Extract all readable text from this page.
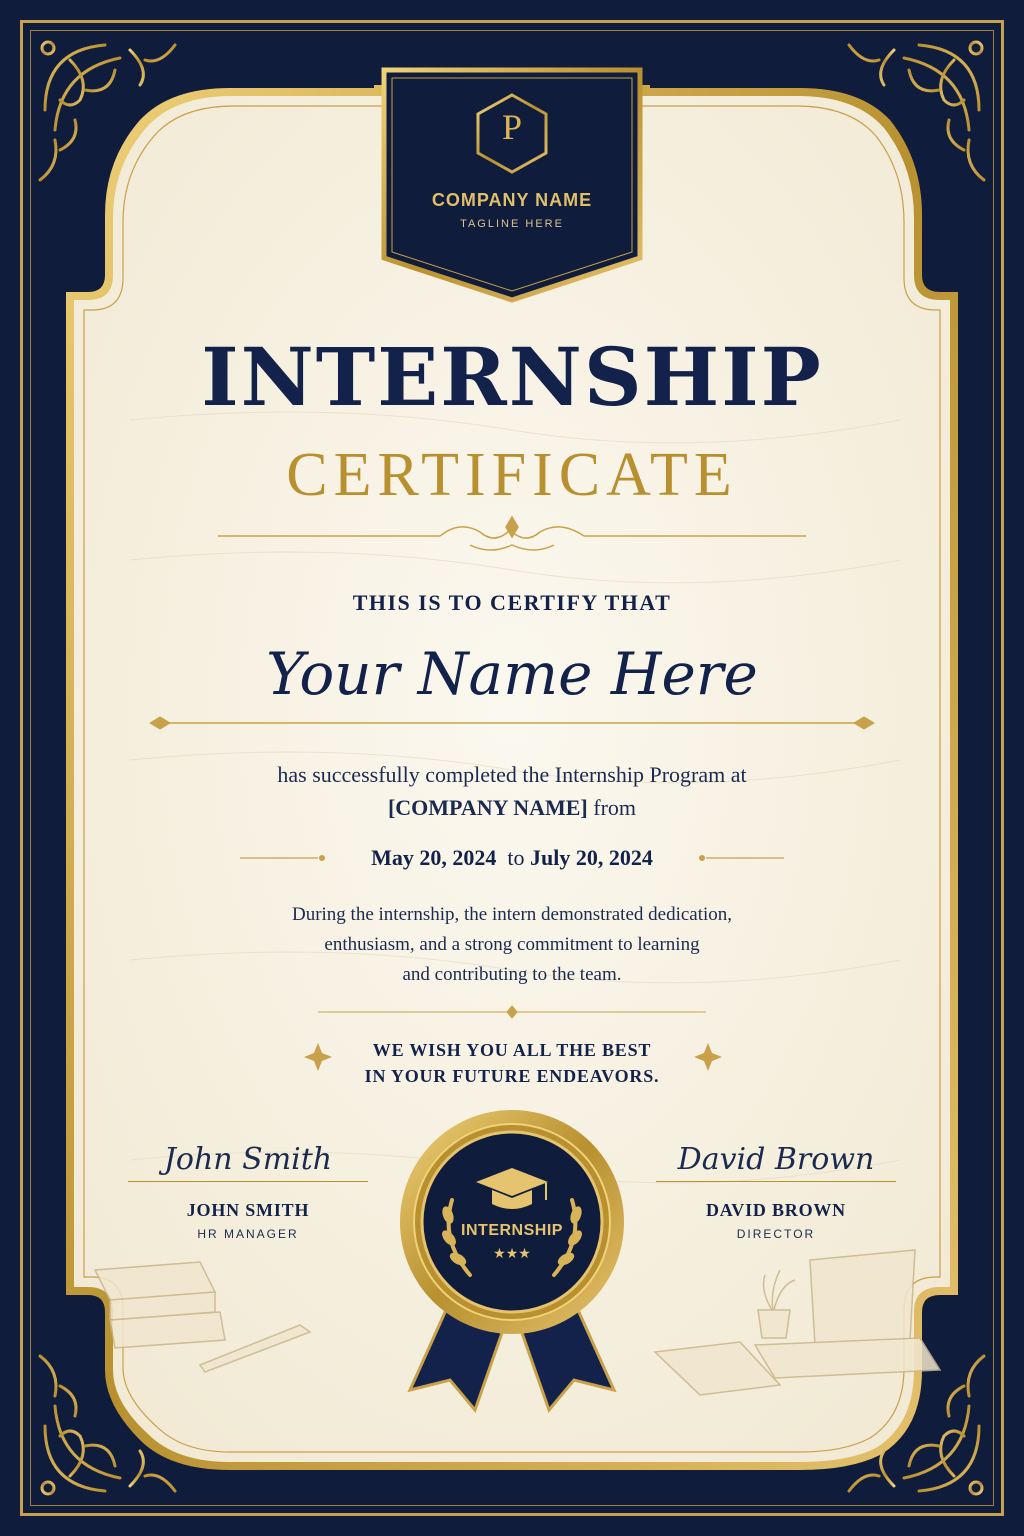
★★★
P
COMPANY NAME
TAGLINE HERE
INTERNSHIP
CERTIFICATE
THIS IS TO CERTIFY THAT
Your Name Here
has successfully completed the Internship Program at
[COMPANY NAME] from
May 20, 2024 to July 20, 2024
During the internship, the intern demonstrated dedication,
enthusiasm, and a strong commitment to learning
and contributing to the team.
WE WISH YOU ALL THE BEST
IN YOUR FUTURE ENDEAVORS.
John Smith
JOHN SMITH
HR MANAGER
David Brown
DAVID BROWN
DIRECTOR
INTERNSHIP
